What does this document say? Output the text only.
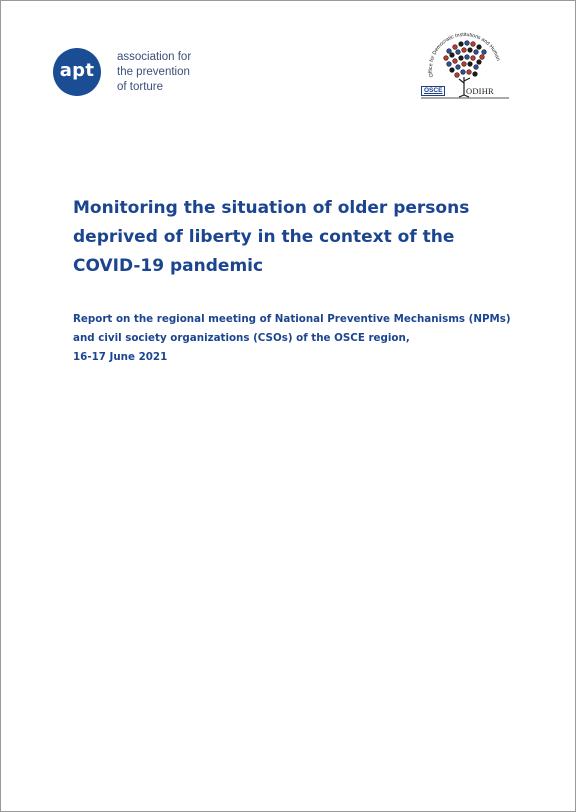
apt
association for
the prevention
of torture
Office for Democratic Institutions and Human
OSCE	ODIHR
Monitoring the situation of older persons
deprived of liberty in the context of the
COVID-19 pandemic

Report on the regional meeting of National Preventive Mechanisms (NPMs)
and civil society organizations (CSOs) of the OSCE region,
16-17 June 2021
